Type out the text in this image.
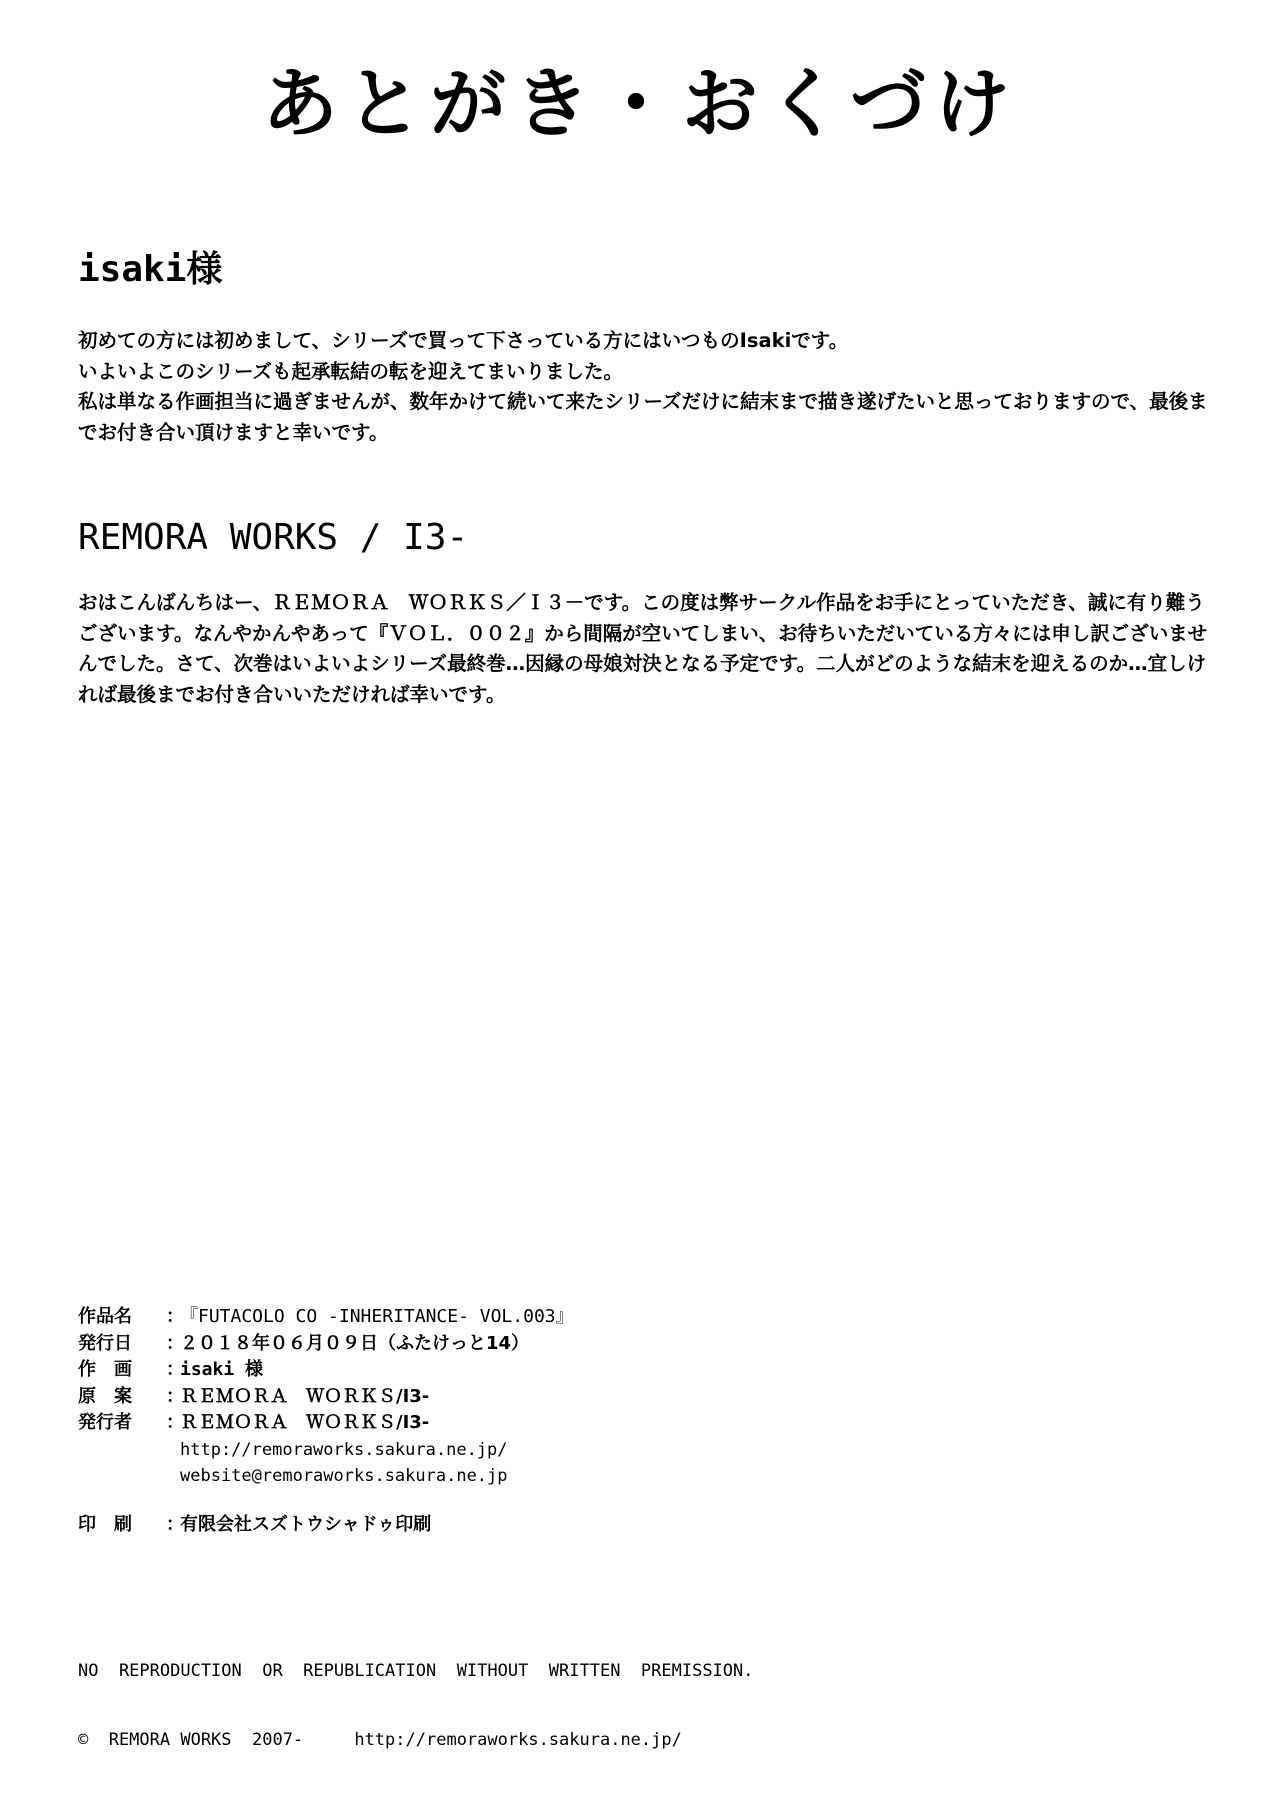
あとがき・おくづけ
isaki様

初めての方には初めまして、シリーズで買って下さっている方にはいつものIsakiです。

いよいよこのシリーズも起承転結の転を迎えてまいりました。

私は単なる作画担当に過ぎませんが、数年かけて続いて来たシリーズだけに結末まで描き遂げたいと思っておりますので、最後までお付き合い頂けますと幸いです。

REMORA WORKS / I3-

おはこんばんちはー、ＲＥＭＯＲＡ　ＷＯＲＫＳ／Ｉ３－です。この度は弊サークル作品をお手にとっていただき、誠に有り難うございます。なんやかんやあって『ＶＯＬ．００２』から間隔が空いてしまい、お待ちいただいている方々には申し訳ございませんでした。さて、次巻はいよいよシリーズ最終巻…因縁の母娘対決となる予定です。二人がどのような結末を迎えるのか…宜しければ最後までお付き合いいただければ幸いです。

作品名	：
『FUTACOLO CO -INHERITANCE- VOL.003』
発行日	：
２０１８年０６月０９日（ふたけっと14）
作　画	：
isaki 様
原　案	：
ＲＥＭＯＲＡ　ＷＯＲＫＳ/I3-
発行者	：
ＲＥＭＯＲＡ　ＷＯＲＫＳ/I3-
http://remoraworks.sakura.ne.jp/
website@remoraworks.sakura.ne.jp
印　刷	：
有限会社スズトウシャドゥ印刷

NO  REPRODUCTION  OR  REPUBLICATION  WITHOUT  WRITTEN  PREMISSION.

©  REMORA WORKS  2007-     http://remoraworks.sakura.ne.jp/
